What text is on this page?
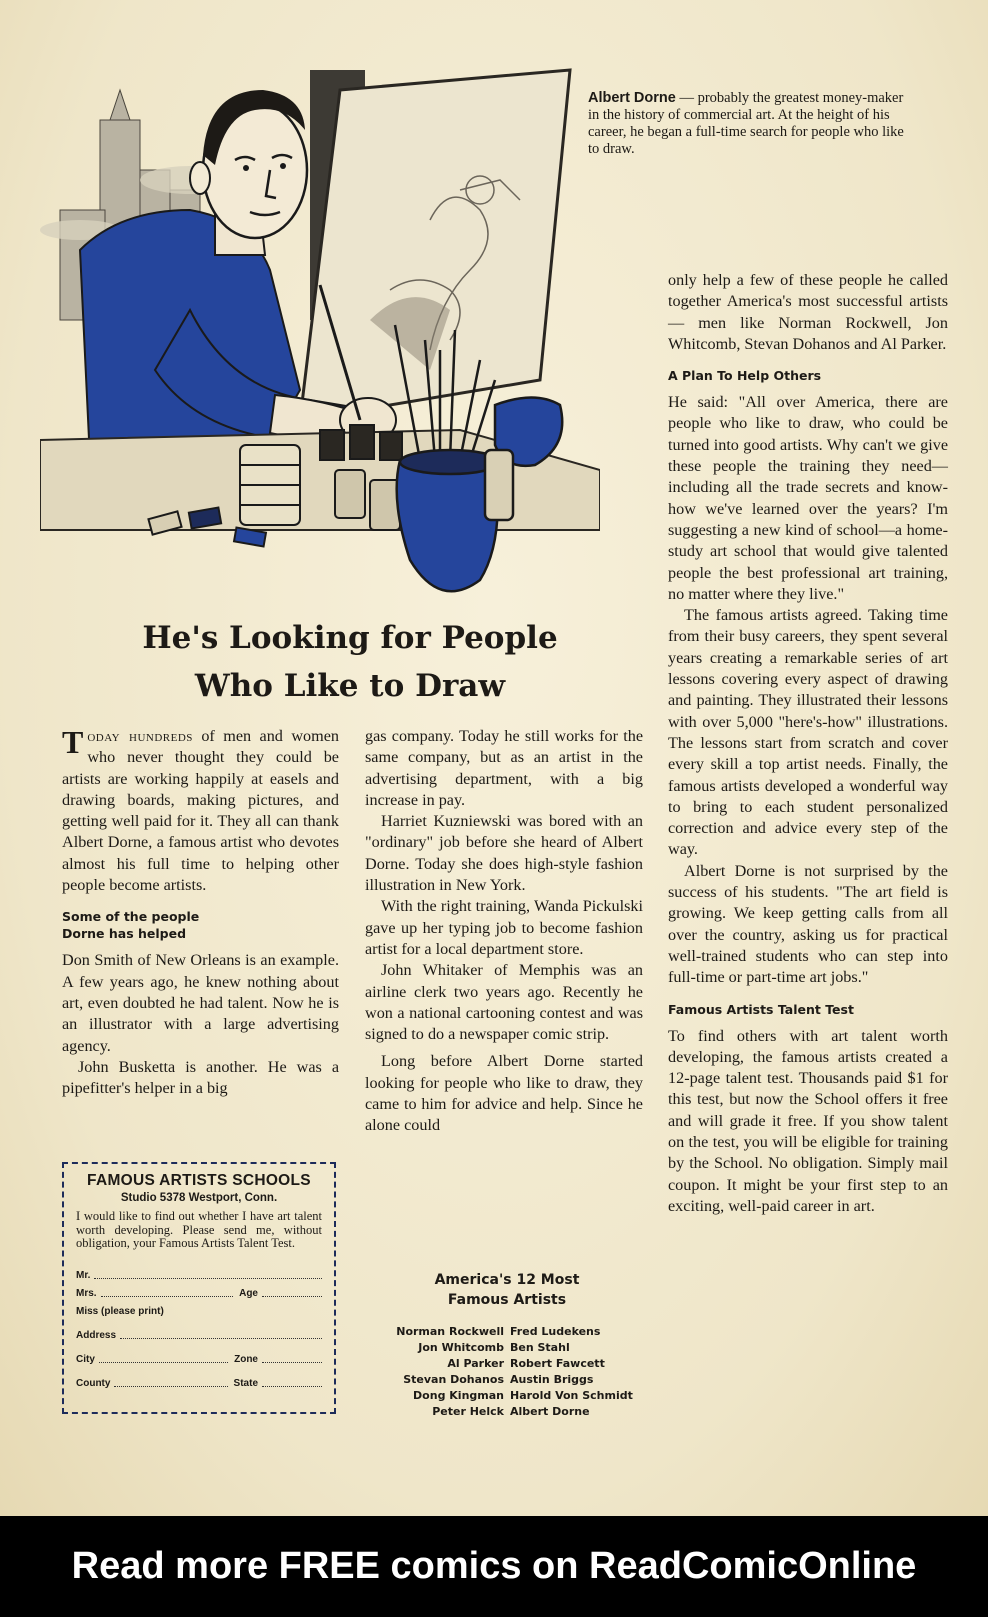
Albert Dorne — probably the greatest money-maker in the history of commercial art. At the height of his career, he began a full-time search for people who like to draw.
He's Looking for People
Who Like to Draw

Today hundreds of men and women who never thought they could be artists are working happily at easels and drawing boards, making pictures, and getting well paid for it. They all can thank Albert Dorne, a famous artist who devotes almost his full time to helping other people become artists.

Some of the people
Dorne has helped

Don Smith of New Orleans is an example. A few years ago, he knew nothing about art, even doubted he had talent. Now he is an illustrator with a large advertising agency.

John Busketta is another. He was a pipefitter's helper in a big

gas company. Today he still works for the same company, but as an artist in the advertising department, with a big increase in pay.

Harriet Kuzniewski was bored with an "ordinary" job before she heard of Albert Dorne. Today she does high-style fashion illustration in New York.

With the right training, Wanda Pickulski gave up her typing job to become fashion artist for a local department store.

John Whitaker of Memphis was an airline clerk two years ago. Recently he won a national cartooning contest and was signed to do a newspaper comic strip.

Long before Albert Dorne started looking for people who like to draw, they came to him for advice and help. Since he alone could

only help a few of these people he called together America's most successful artists — men like Norman Rockwell, Jon Whitcomb, Stevan Dohanos and Al Parker.

A Plan To Help Others

He said: "All over America, there are people who like to draw, who could be turned into good artists. Why can't we give these people the training they need—including all the trade secrets and know-how we've learned over the years? I'm suggesting a new kind of school—a home-study art school that would give talented people the best professional art training, no matter where they live."

The famous artists agreed. Taking time from their busy careers, they spent several years creating a remarkable series of art lessons covering every aspect of drawing and painting. They illustrated their lessons with over 5,000 "here's-how" illustrations. The lessons start from scratch and cover every skill a top artist needs. Finally, the famous artists developed a wonderful way to bring to each student personalized correction and advice every step of the way.

Albert Dorne is not surprised by the success of his students. "The art field is growing. We keep getting calls from all over the country, asking us for practical well-trained students who can step into full-time or part-time art jobs."

Famous Artists Talent Test

To find others with art talent worth developing, the famous artists created a 12-page talent test. Thousands paid $1 for this test, but now the School offers it free and will grade it free. If you show talent on the test, you will be eligible for training by the School. No obligation. Simply mail coupon. It might be your first step to an exciting, well-paid career in art.

FAMOUS ARTISTS SCHOOLS
Studio 5378 Westport, Conn.
I would like to find out whether I have art talent worth developing. Please send me, without obligation, your Famous Artists Talent Test.
Mr.
Mrs.	Age
Miss (please print)
Address
City	Zone
County	State
America's 12 Most
Famous Artists
Norman Rockwell	Fred Ludekens
Jon Whitcomb	Ben Stahl
Al Parker	Robert Fawcett
Stevan Dohanos	Austin Briggs
Dong Kingman	Harold Von Schmidt
Peter Helck	Albert Dorne
Read more FREE comics on ReadComicOnline
